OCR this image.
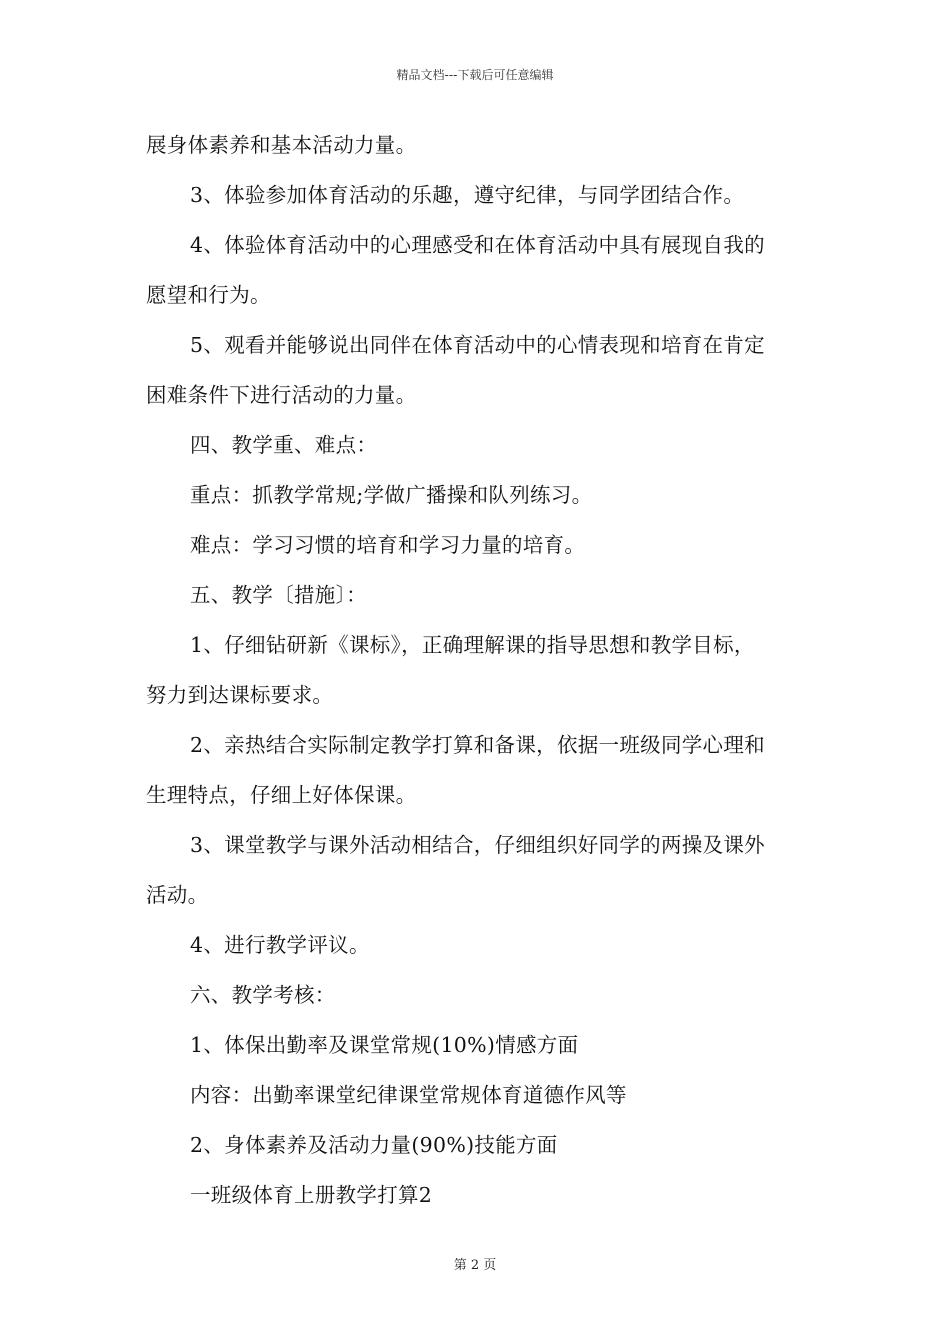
精品文档---下载后可任意编辑
展身体素养和基本活动力量。
3、体验参加体育活动的乐趣，遵守纪律，与同学团结合作。
4、体验体育活动中的心理感受和在体育活动中具有展现自我的
愿望和行为。
5、观看并能够说出同伴在体育活动中的心情表现和培育在肯定
困难条件下进行活动的力量。
四、教学重、难点：
重点：抓教学常规;学做广播操和队列练习。
难点：学习习惯的培育和学习力量的培育。
五、教学〔措施〕：
1、仔细钻研新《课标》，正确理解课的指导思想和教学目标，
努力到达课标要求。
2、亲热结合实际制定教学打算和备课，依据一班级同学心理和
生理特点，仔细上好体保课。
3、课堂教学与课外活动相结合，仔细组织好同学的两操及课外
活动。
4、进行教学评议。
六、教学考核：
1、体保出勤率及课堂常规(10%)情感方面
内容：出勤率课堂纪律课堂常规体育道德作风等
2、身体素养及活动力量(90%)技能方面
一班级体育上册教学打算2
第 2 页
